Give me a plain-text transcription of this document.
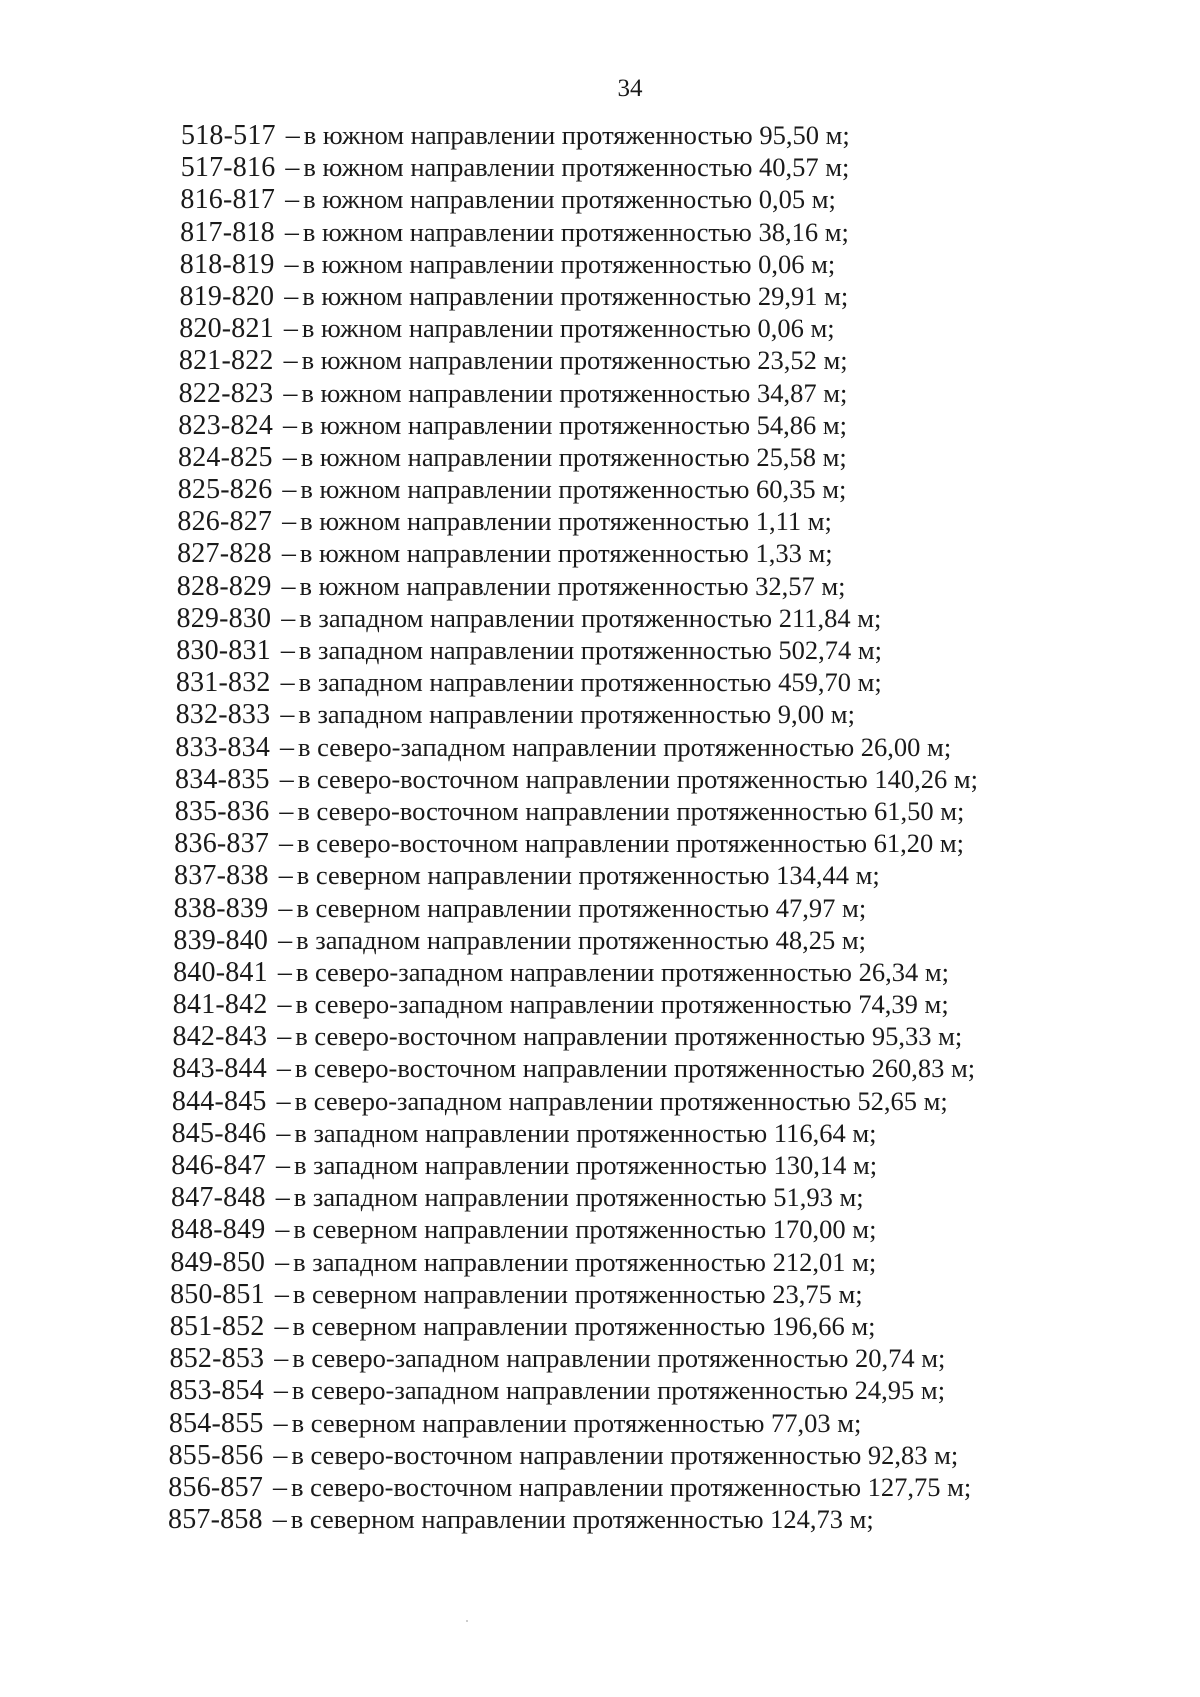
34
518-517 – в южном направлении протяженностью 95,50 м;
517-816 – в южном направлении протяженностью 40,57 м;
816-817 – в южном направлении протяженностью 0,05 м;
817-818 – в южном направлении протяженностью 38,16 м;
818-819 – в южном направлении протяженностью 0,06 м;
819-820 – в южном направлении протяженностью 29,91 м;
820-821 – в южном направлении протяженностью 0,06 м;
821-822 – в южном направлении протяженностью 23,52 м;
822-823 – в южном направлении протяженностью 34,87 м;
823-824 – в южном направлении протяженностью 54,86 м;
824-825 – в южном направлении протяженностью 25,58 м;
825-826 – в южном направлении протяженностью 60,35 м;
826-827 – в южном направлении протяженностью 1,11 м;
827-828 – в южном направлении протяженностью 1,33 м;
828-829 – в южном направлении протяженностью 32,57 м;
829-830 – в западном направлении протяженностью 211,84 м;
830-831 – в западном направлении протяженностью 502,74 м;
831-832 – в западном направлении протяженностью 459,70 м;
832-833 – в западном направлении протяженностью 9,00 м;
833-834 – в северо-западном направлении протяженностью 26,00 м;
834-835 – в северо-восточном направлении протяженностью 140,26 м;
835-836 – в северо-восточном направлении протяженностью 61,50 м;
836-837 – в северо-восточном направлении протяженностью 61,20 м;
837-838 – в северном направлении протяженностью 134,44 м;
838-839 – в северном направлении протяженностью 47,97 м;
839-840 – в западном направлении протяженностью 48,25 м;
840-841 – в северо-западном направлении протяженностью 26,34 м;
841-842 – в северо-западном направлении протяженностью 74,39 м;
842-843 – в северо-восточном направлении протяженностью 95,33 м;
843-844 – в северо-восточном направлении протяженностью 260,83 м;
844-845 – в северо-западном направлении протяженностью 52,65 м;
845-846 – в западном направлении протяженностью 116,64 м;
846-847 – в западном направлении протяженностью 130,14 м;
847-848 – в западном направлении протяженностью 51,93 м;
848-849 – в северном направлении протяженностью 170,00 м;
849-850 – в западном направлении протяженностью 212,01 м;
850-851 – в северном направлении протяженностью 23,75 м;
851-852 – в северном направлении протяженностью 196,66 м;
852-853 – в северо-западном направлении протяженностью 20,74 м;
853-854 – в северо-западном направлении протяженностью 24,95 м;
854-855 – в северном направлении протяженностью 77,03 м;
855-856 – в северо-восточном направлении протяженностью 92,83 м;
856-857 – в северо-восточном направлении протяженностью 127,75 м;
857-858 – в северном направлении протяженностью 124,73 м;
